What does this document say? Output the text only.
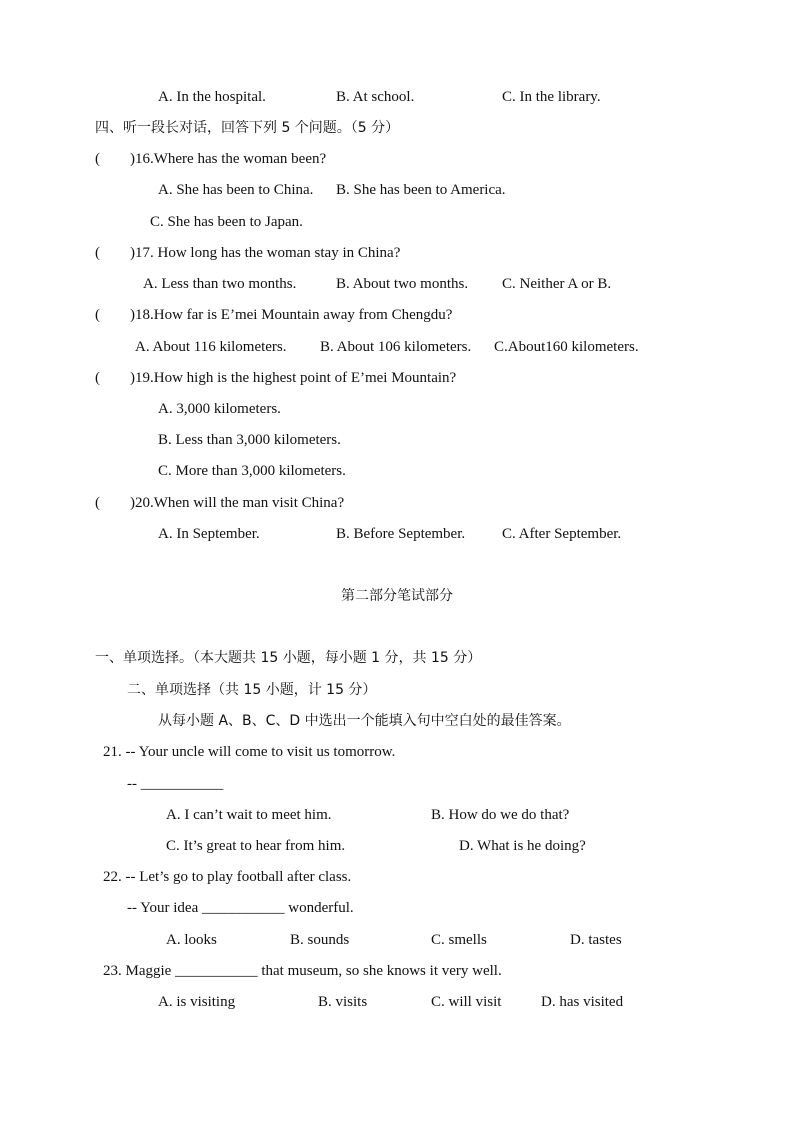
A. In the hospital.	B. At school.	C. In the library.
四、听一段长对话，回答下列 5 个问题。（5 分）
(        )16.Where has the woman been?
A. She has been to China. B. She has been to America.
C. She has been to Japan.
(        )17. How long has the woman stay in China?
A. Less than two months.	B. About two months. C. Neither A or B.
(        )18.How far is E’mei Mountain away from Chengdu?
A. About 116 kilometers. B. About 106 kilometers. C.About160 kilometers.
(        )19.How high is the highest point of E’mei Mountain?
A. 3,000 kilometers.
B. Less than 3,000 kilometers.
C. More than 3,000 kilometers.
(        )20.When will the man visit China?
A. In September.	B. Before September. C. After September.
第二部分笔试部分
一、单项选择。（本大题共 15 小题，每小题 1 分，共 15 分）
二、单项选择（共 15 小题，计 15 分）
从每小题 A、B、C、D 中选出一个能填入句中空白处的最佳答案。
21. -- Your uncle will come to visit us tomorrow.
-- ___________
A. I can’t wait to meet him.	B. How do we do that?
C. It’s great to hear from him.	D. What is he doing?
22. -- Let’s go to play football after class.
-- Your idea ___________ wonderful.
A. looks	B. sounds	C. smells	D. tastes
23. Maggie ___________ that museum, so she knows it very well.
A. is visiting	B. visits	C. will visit	D. has visited
